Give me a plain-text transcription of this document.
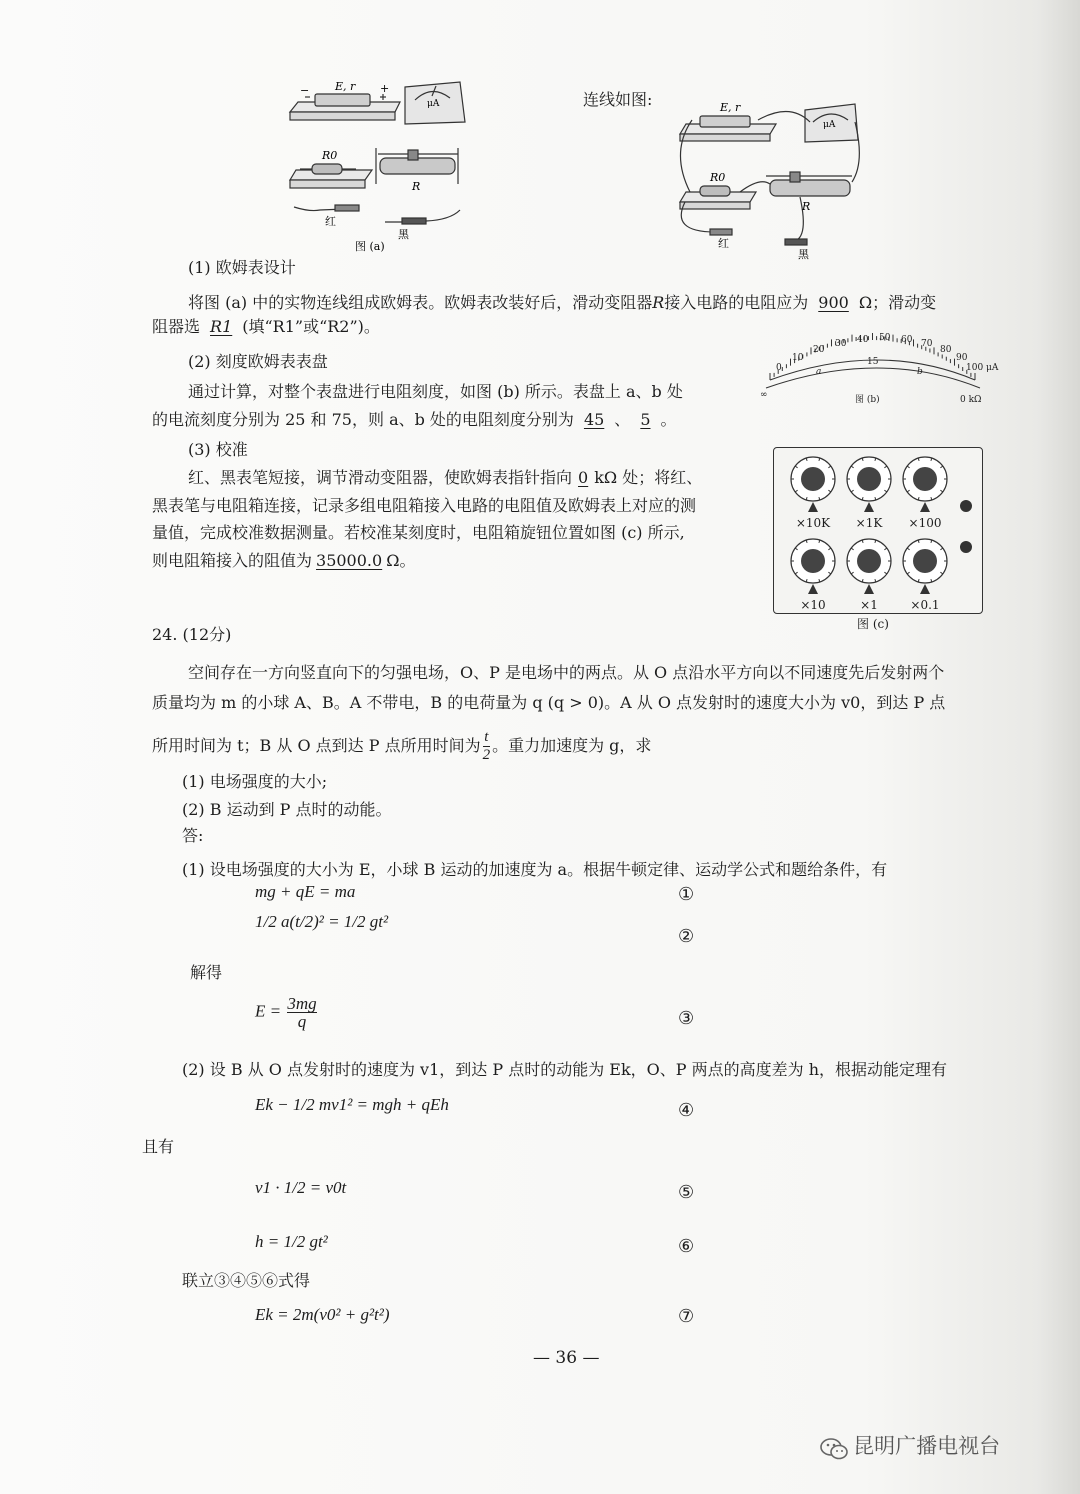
E, r
−	+
μA
R0
R
红
黑
图 (a)
连线如图:	E, r
μA
R0
R
红
黑
(1) 欧姆表设计
将图 (a) 中的实物连线组成欧姆表。欧姆表改装好后，滑动变阻器R接入电路的电阻应为 900 Ω；滑动变
阻器选 R1 (填“R1”或“R2”)。
(2) 刻度欧姆表表盘
通过计算，对整个表盘进行电阻刻度，如图 (b) 所示。表盘上 a、b 处
的电流刻度分别为 25 和 75，则 a、b 处的电阻刻度分别为 45 、 5 。
0
10
20
30 40 50 60 70
80
90
100 μA
∞
15
0 kΩ
a	b
图 (b)
(3) 校准
红、黑表笔短接，调节滑动变阻器，使欧姆表指针指向 0 kΩ 处；将红、
黑表笔与电阻箱连接，记录多组电阻箱接入电路的电阻值及欧姆表上对应的测
量值，完成校准数据测量。若校准某刻度时，电阻箱旋钮位置如图 (c) 所示,
则电阻箱接入的阻值为 35000.0 Ω。
×10K	×1K	×100
×10	×1	×0.1
图 (c)
24. (12分)
空间存在一方向竖直向下的匀强电场，O、P 是电场中的两点。从 O 点沿水平方向以不同速度先后发射两个
质量均为 m 的小球 A、B。A 不带电，B 的电荷量为 q (q > 0)。A 从 O 点发射时的速度大小为 v0，到达 P 点
所用时间为 t；B 从 O 点到达 P 点所用时间为 $\frac{t}{2}$ 。重力加速度为 g，求
(1) 电场强度的大小;
(2) B 运动到 P 点时的动能。
答:
(1) 设电场强度的大小为 E，小球 B 运动的加速度为 a。根据牛顿定律、运动学公式和题给条件，有
mg + qE = ma	①
1/2 a(t/2)² = 1/2 gt²
②
解得
$E = \frac{3mg}{q}$	③
(2) 设 B 从 O 点发射时的速度为 v1，到达 P 点时的动能为 Ek，O、P 两点的高度差为 h，根据动能定理有
Ek − 1/2 mv1² = mgh + qEh	④
且有
v1 · 1/2 = v0t	⑤
h = 1/2 gt²	⑥
联立③④⑤⑥式得
Ek = 2m(v0² + g²t²)	⑦
— 36 —
昆明广播电视台
